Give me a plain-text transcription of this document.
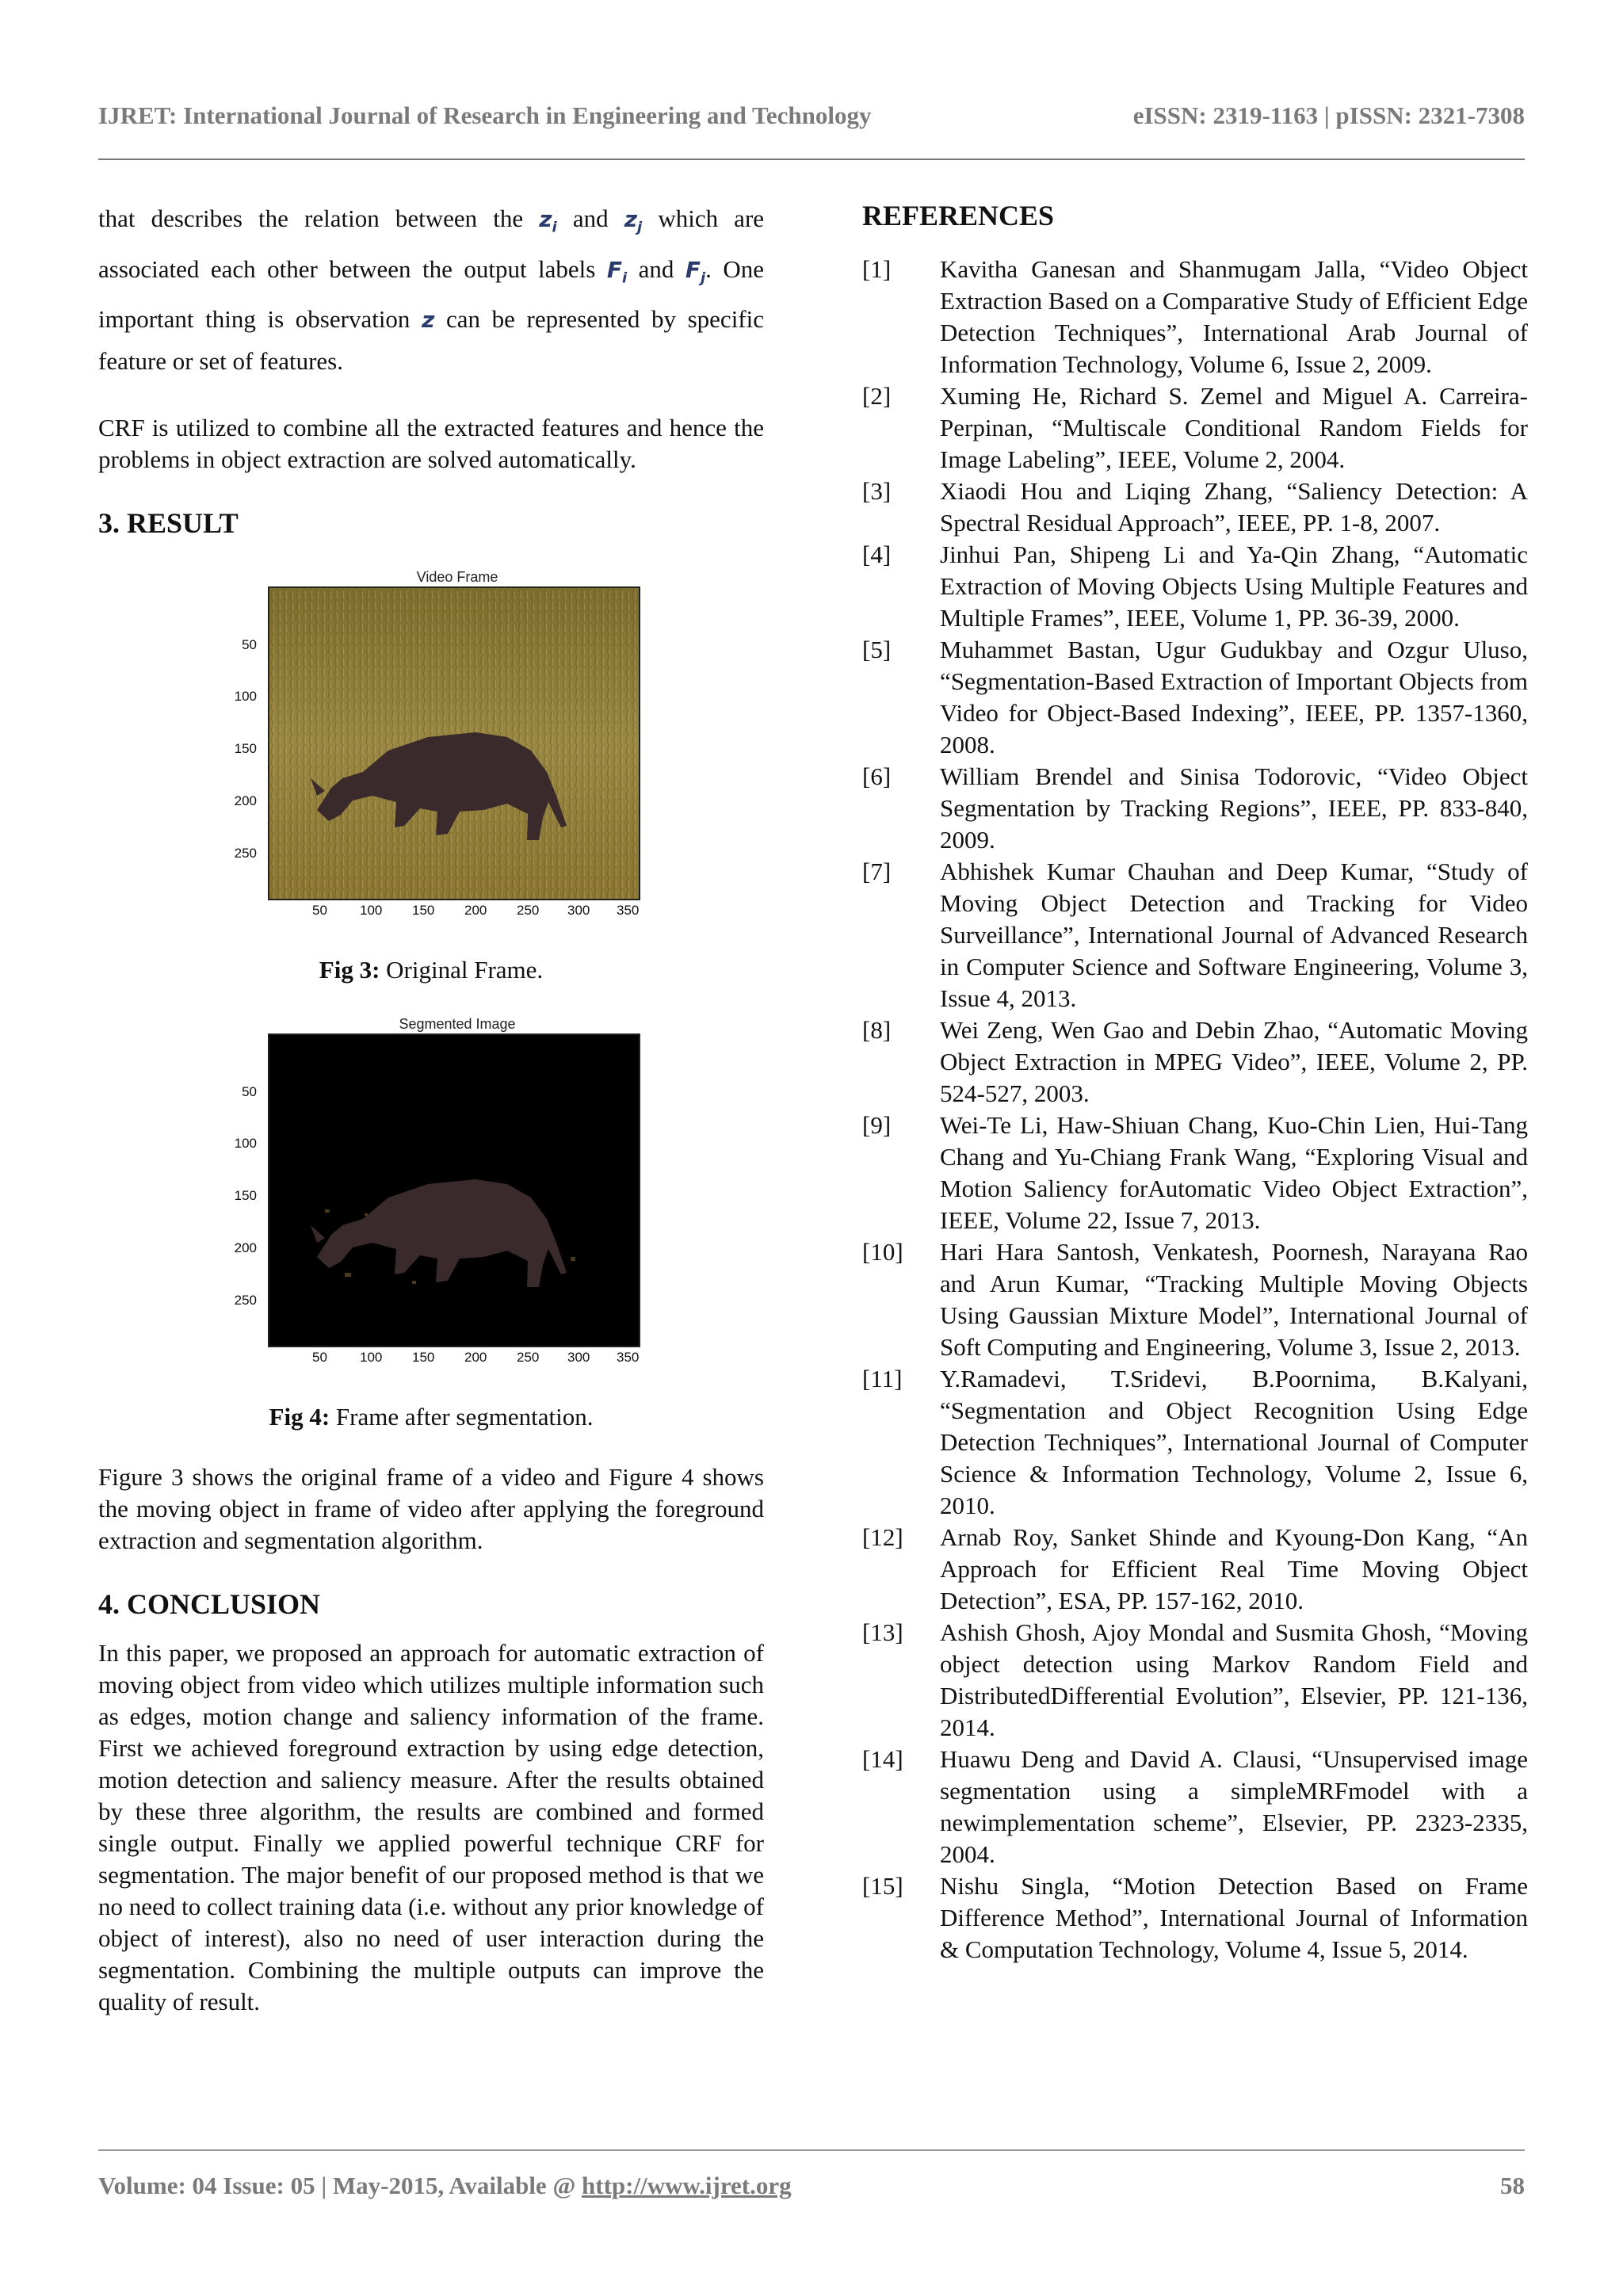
IJRET: International Journal of Research in Engineering and Technology	eISSN: 2319-1163 | pISSN: 2321-7308

that describes the relation between the $z_i$ and $z_j$ which are associated each other between the output labels $F_i$ and $F_j$. One important thing is observation z can be represented by specific feature or set of features.

CRF is utilized to combine all the extracted features and hence the problems in object extraction are solved automatically.

3. RESULT
Video Frame
50
100
150
200
250
50 100 150 200 250 300 350

Fig 3: Original Frame.

Segmented Image
50
100
150
200
250
50 100 150 200 250 300 350

Fig 4: Frame after segmentation.

Figure 3 shows the original frame of a video and Figure 4 shows the moving object in frame of video after applying the foreground extraction and segmentation algorithm.

4. CONCLUSION

In this paper, we proposed an approach for automatic extraction of moving object from video which utilizes multiple information such as edges, motion change and saliency information of the frame. First we achieved foreground extraction by using edge detection, motion detection and saliency measure. After the results obtained by these three algorithm, the results are combined and formed single output. Finally we applied powerful technique CRF for segmentation. The major benefit of our proposed method is that we no need to collect training data (i.e. without any prior knowledge of object of interest), also no need of user interaction during the segmentation. Combining the multiple outputs can improve the quality of result.

REFERENCES
[1] Kavitha Ganesan and Shanmugam Jalla, “Video Object Extraction Based on a Comparative Study of Efficient Edge Detection Techniques”, International Arab Journal of Information Technology, Volume 6, Issue 2, 2009.
[2] Xuming He, Richard S. Zemel and Miguel A. Carreira-Perpinan, “Multiscale Conditional Random Fields for Image Labeling”, IEEE, Volume 2, 2004.
[3] Xiaodi Hou and Liqing Zhang, “Saliency Detection: A Spectral Residual Approach”, IEEE, PP. 1-8, 2007.
[4] Jinhui Pan, Shipeng Li and Ya-Qin Zhang, “Automatic Extraction of Moving Objects Using Multiple Features and Multiple Frames”, IEEE, Volume 1, PP. 36-39, 2000.
[5] Muhammet Bastan, Ugur Gudukbay and Ozgur Uluso, “Segmentation-Based Extraction of Important Objects from Video for Object-Based Indexing”, IEEE, PP. 1357-1360, 2008.
[6] William Brendel and Sinisa Todorovic, “Video Object Segmentation by Tracking Regions”, IEEE, PP. 833-840, 2009.
[7] Abhishek Kumar Chauhan and Deep Kumar, “Study of Moving Object Detection and Tracking for Video Surveillance”, International Journal of Advanced Research in Computer Science and Software Engineering, Volume 3, Issue 4, 2013.
[8] Wei Zeng, Wen Gao and Debin Zhao, “Automatic Moving Object Extraction in MPEG Video”, IEEE, Volume 2, PP. 524-527, 2003.
[9] Wei-Te Li, Haw-Shiuan Chang, Kuo-Chin Lien, Hui-Tang Chang and Yu-Chiang Frank Wang, “Exploring Visual and Motion Saliency forAutomatic Video Object Extraction”, IEEE, Volume 22, Issue 7, 2013.
[10] Hari Hara Santosh, Venkatesh, Poornesh, Narayana Rao and Arun Kumar, “Tracking Multiple Moving Objects Using Gaussian Mixture Model”, International Journal of Soft Computing and Engineering, Volume 3, Issue 2, 2013.
[11] Y.Ramadevi, T.Sridevi, B.Poornima, B.Kalyani, “Segmentation and Object Recognition Using Edge Detection Techniques”, International Journal of Computer Science & Information Technology, Volume 2, Issue 6, 2010.
[12] Arnab Roy, Sanket Shinde and Kyoung-Don Kang, “An Approach for Efficient Real Time Moving Object Detection”, ESA, PP. 157-162, 2010.
[13] Ashish Ghosh, Ajoy Mondal and Susmita Ghosh, “Moving object detection using Markov Random Field and DistributedDifferential Evolution”, Elsevier, PP. 121-136, 2014.
[14] Huawu Deng and David A. Clausi, “Unsupervised image segmentation using a simpleMRFmodel with a newimplementation scheme”, Elsevier, PP. 2323-2335, 2004.
[15] Nishu Singla, “Motion Detection Based on Frame Difference Method”, International Journal of Information & Computation Technology, Volume 4, Issue 5, 2014.
Volume: 04 Issue: 05 | May-2015, Available @ http://www.ijret.org	58
